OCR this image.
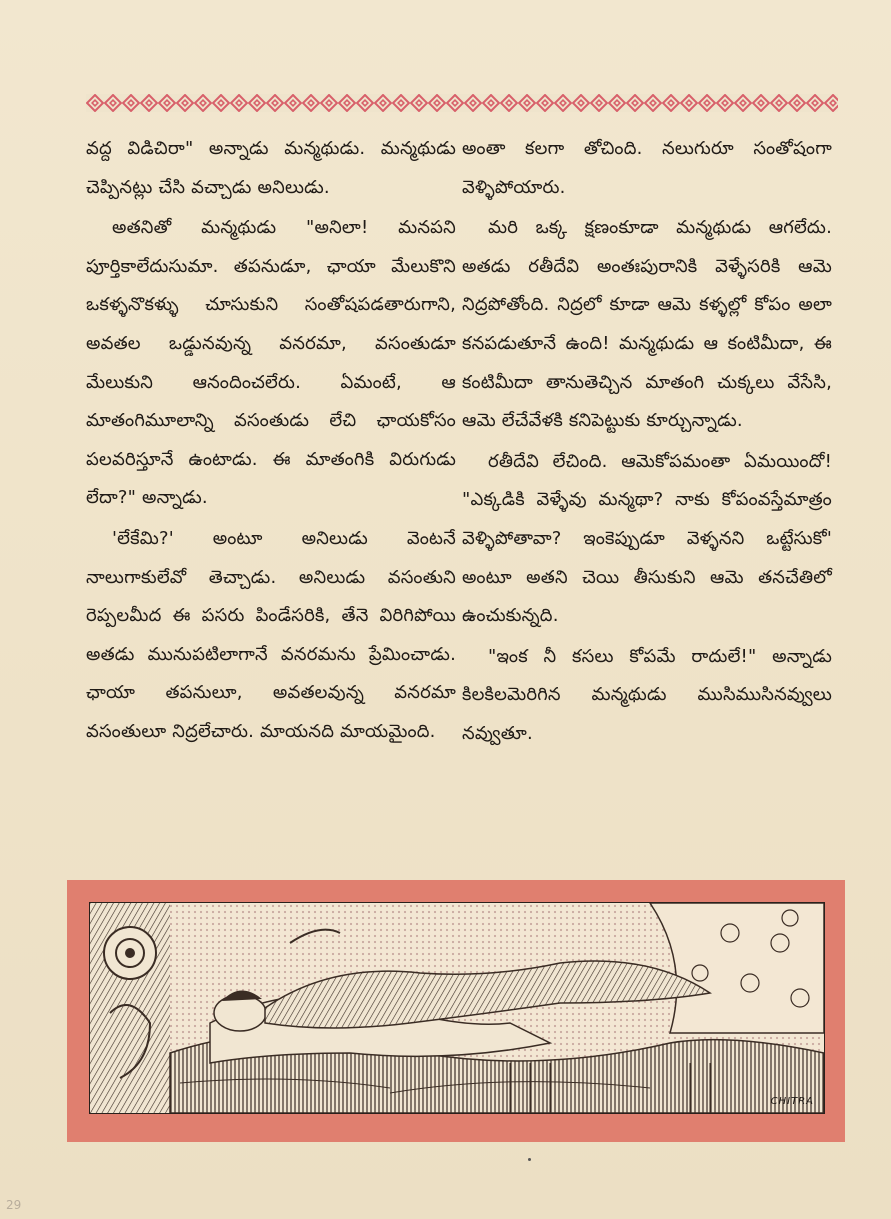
వద్ద విడిచిరా" అన్నాడు మన్మథుడు. మన్మథుడు చెప్పినట్లు చేసి వచ్చాడు అనిలుడు.

అతనితో మన్మథుడు "అనిలా! మనపని పూర్తికాలేదుసుమా. తపనుడూ, ఛాయా మేలుకొని ఒకళ్ళనొకళ్ళు చూసుకుని సంతోషపడతారుగాని, అవతల ఒడ్డునవున్న వనరమా, వసంతుడూ మేలుకుని ఆనందించలేరు. ఏమంటే, ఆ మాతంగిమూలాన్ని వసంతుడు లేచి ఛాయకోసం పలవరిస్తూనే ఉంటాడు. ఈ మాతంగికి విరుగుడు లేదా?" అన్నాడు.

'లేకేమి?' అంటూ అనిలుడు వెంటనే నాలుగాకులేవో తెచ్చాడు. అనిలుడు వసంతుని రెప్పలమీద ఈ పసరు పిండేసరికి, తేనె విరిగిపోయి అతడు మునుపటిలాగానే వనరమను ప్రేమించాడు. ఛాయా తపనులూ, అవతలవున్న వనరమా వసంతులూ నిద్రలేచారు. మాయనది మాయమైంది.

అంతా కలగా తోచింది. నలుగురూ సంతోషంగా వెళ్ళిపోయారు.

మరి ఒక్క క్షణంకూడా మన్మథుడు ఆగలేదు. అతడు రతీదేవి అంతఃపురానికి వెళ్ళేసరికి ఆమె నిద్రపోతోంది. నిద్రలో కూడా ఆమె కళ్ళల్లో కోపం అలా కనపడుతూనే ఉంది! మన్మథుడు ఆ కంటిమీదా, ఈ కంటిమీదా తానుతెచ్చిన మాతంగి చుక్కలు వేసేసి, ఆమె లేచేవేళకి కనిపెట్టుకు కూర్చున్నాడు.

రతీదేవి లేచింది. ఆమెకోపమంతా ఏమయిందో! "ఎక్కడికి వెళ్ళేవు మన్మథా? నాకు కోపంవస్తేమాత్రం వెళ్ళిపోతావా? ఇంకెప్పుడూ వెళ్ళనని ఒట్టేసుకో' అంటూ అతని చెయి తీసుకుని ఆమె తనచేతిలో ఉంచుకున్నది.

"ఇంక నీ కసలు కోపమే రాదులే!" అన్నాడు కిలకిలమెరిగిన మన్మథుడు ముసిముసినవ్వులు నవ్వుతూ.

CHITRA
29
